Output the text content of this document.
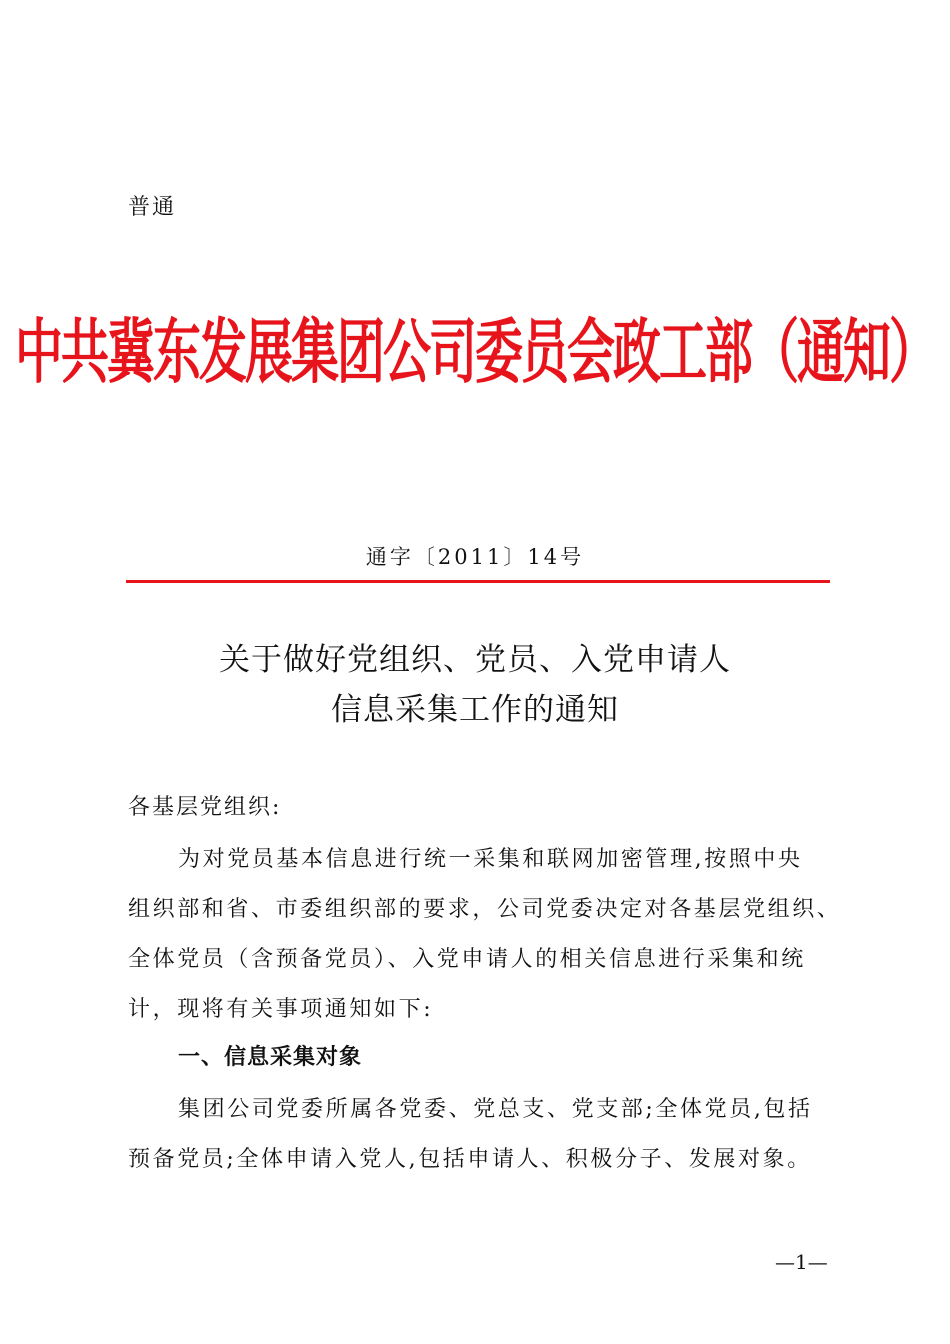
普通
中共冀东发展集团公司委员会政工部（通知）
通字〔2011〕14号
关于做好党组织、党员、入党申请人
信息采集工作的通知
各基层党组织:
为对党员基本信息进行统一采集和联网加密管理,按照中央
组织部和省、市委组织部的要求，公司党委决定对各基层党组织、
全体党员（含预备党员）、入党申请人的相关信息进行采集和统
计，现将有关事项通知如下:
一、信息采集对象
集团公司党委所属各党委、党总支、党支部;全体党员,包括
预备党员;全体申请入党人,包括申请人、积极分子、发展对象。
—1—
